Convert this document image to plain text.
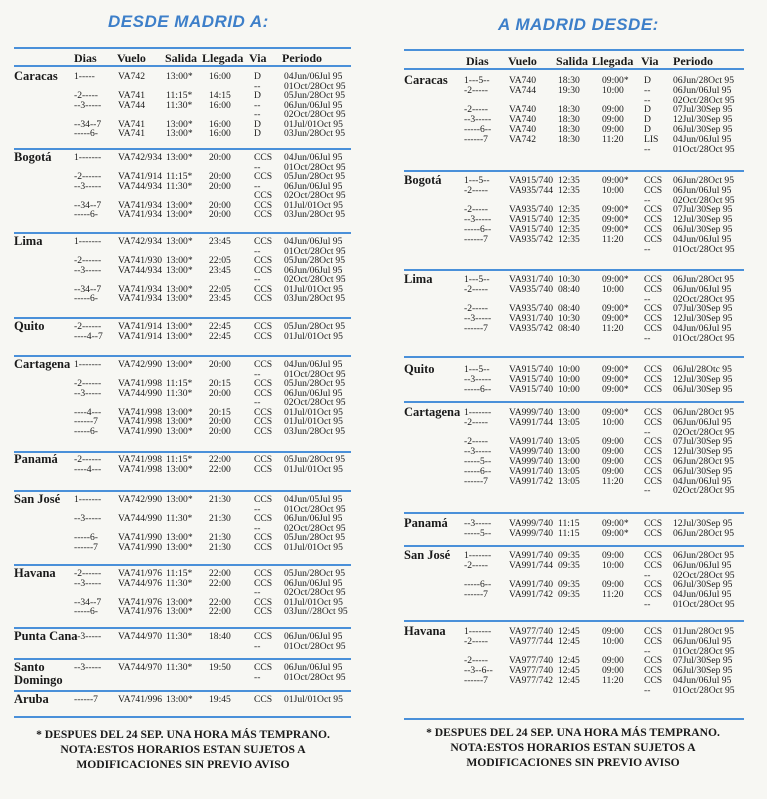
DESDE MADRID A:
Dias Vuelo Salida Llegada Via Periodo
Caracas 1----- VA742 13:00* 16:00 D 04Jun/06Jul 95
-- 01Oct/28Oct 95
-2----- VA741 11:15* 14:15 D 05Jun/28Oct 95
--3----- VA744 11:30* 16:00 -- 06Jun/06Jul 95
-- 02Oct/28Oct 95
--34--7 VA741 13:00* 16:00 D 01Jul/01Oct 95
-----6- VA741 13:00* 16:00 D 03Jun/28Oct 95
Bogotá 1------- VA742/934 13:00* 20:00 CCS 04Jun/06Jul 95
-- 01Oct/28Oct 95
-2------ VA741/914 11:15* 20:00 CCS 05Jun/28Oct 95
--3----- VA744/934 11:30* 20:00 -- 06Jun/06Jul 95
CCS 02Oct/28Oct 95
--34--7 VA741/934 13:00* 20:00 CCS 01Jul/01Oct 95
-----6- VA741/934 13:00* 20:00 CCS 03Jun/28Oct 95
Lima	1------- VA742/934 13:00* 23:45 CCS 04Jun/06Jul 95
-- 01Oct/28Oct 95
-2------ VA741/930 13:00* 22:05 CCS 05Jun/28Oct 95
--3----- VA744/934 13:00* 23:45 CCS 06Jun/06Jul 95
-- 02Oct/28Oct 95
--34--7 VA741/934 13:00* 22:05 CCS 01Jul/01Oct 95
-----6- VA741/934 13:00* 23:45 CCS 03Jun/28Oct 95
Quito	-2------ VA741/914 13:00* 22:45 CCS 05Jun/28Oct 95
----4--7 VA741/914 13:00* 22:45 CCS 01Jul/01Oct 95
Cartagena 1------- VA742/990 13:00* 20:00 CCS 04Jun/06Jul 95
-- 01Oct/28Oct 95
-2------ VA741/998 11:15* 20:15 CCS 05Jun/28Oct 95
--3----- VA744/990 11:30* 20:00 CCS 06Jun/06Jul 95
-- 02Oct/28Oct 95
----4--- VA741/998 13:00* 20:15 CCS 01Jul/01Oct 95
------7 VA741/998 13:00* 20:00 CCS 01Jul/01Oct 95
-----6- VA741/990 13:00* 20:00 CCS 03Jun/28Oct 95
Panamá -2------ VA741/998 11:15* 22:00 CCS 05Jun/28Oct 95
----4--- VA741/998 13:00* 22:00 CCS 01Jul/01Oct 95
San José 1------- VA742/990 13:00* 21:30 CCS 04Jun/05Jul 95
-- 01Oct/28Oct 95
--3----- VA744/990 11:30* 21:30 CCS 06Jun/06Jul 95
-- 02Oct/28Oct 95
-----6- VA741/990 13:00* 21:30 CCS 05Jun/28Oct 95
------7 VA741/990 13:00* 21:30 CCS 01Jul/01Oct 95
Havana -2------ VA741/976 11:15* 22:00 CCS 05Jun/28Oct 95
--3----- VA744/976 11:30* 22:00 CCS 06Jun/06Jul 95
-- 02Oct/28Oct 95
--34--7 VA741/976 13:00* 22:00 CCS 01Jul/01Oct 95
-----6- VA741/976 13:00* 22:00 CCS 03Jun//28Oct 95
Punta Cana
--3----- VA744/970 11:30* 18:40 CCS 06Jun/06Jul 95
-- 01Oct/28Oct 95
Santo
Domingo
--3----- VA744/970 11:30* 19:50 CCS 06Jun/06Jul 95
-- 01Oct/28Oct 95
Aruba	------7 VA741/996 13:00* 19:45 CCS 01Jul/01Oct 95
* DESPUES DEL 24 SEP. UNA HORA MÁS TEMPRANO.
NOTA:ESTOS HORARIOS ESTAN SUJETOS A
MODIFICACIONES SIN PREVIO AVISO
A MADRID DESDE:
Dias Vuelo Salida Llegada Via Periodo
Caracas 1---5-- VA740 18:30 09:00* D 06Jun/28Oct 95
-2----- VA744 19:30 10:00 -- 06Jun/06Jul 95
-- 02Oct/28Oct 95
-2----- VA740 18:30 09:00 D 07Jul/30Sep 95
--3----- VA740 18:30 09:00 D 12Jul/30Sep 95
-----6-- VA740 18:30 09:00 D 06Jul/30Sep 95
------7 VA742 18:30 11:20 LIS 04Jun/06Jul 95
-- 01Oct/28Oct 95
Bogotá 1---5-- VA915/740 12:35 09:00* CCS 06Jun/28Oct 95
-2----- VA935/744 12:35 10:00 CCS 06Jun/06Jul 95
-- 02Oct/28Oct 95
-2----- VA935/740 12:35 09:00* CCS 07Jul/30Sep 95
--3----- VA915/740 12:35 09:00* CCS 12Jul/30Sep 95
-----6-- VA915/740 12:35 09:00* CCS 06Jul/30Sep 95
------7 VA935/742 12:35 11:20 CCS 04Jun/06Jul 95
-- 01Oct/28Oct 95
Lima	1---5-- VA931/740 10:30 09:00* CCS 06Jun/28Oct 95
-2----- VA935/740 08:40 10:00 CCS 06Jun/06Jul 95
-- 02Oct/28Oct 95
-2----- VA935/740 08:40 09:00* CCS 07Jul/30Sep 95
--3----- VA931/740 10:30 09:00* CCS 12Jul/30Sep 95
------7 VA935/742 08:40 11:20 CCS 04Jun/06Jul 95
-- 01Oct/28Oct 95
Quito	1---5-- VA915/740 10:00 09:00* CCS 06Jul/28Otc 95
--3----- VA915/740 10:00 09:00* CCS 12Jul/30Sep 95
-----6-- VA915/740 10:00 09:00* CCS 06Jul/30Sep 95
Cartagena 1------- VA999/740 13:00 09:00* CCS 06Jun/28Oct 95
-2----- VA991/744 13:05 10:00 CCS 06Jun/06Jul 95
-- 02Oct/28Oct 95
-2----- VA991/740 13:05 09:00 CCS 07Jul/30Sep 95
--3----- VA999/740 13:00 09:00 CCS 12Jul/30Sep 95
-----5-- VA999/740 13:00 09:00 CCS 06Jun/28Oct 95
-----6-- VA991/740 13:05 09:00 CCS 06Jul/30Sep 95
------7 VA991/742 13:05 11:20 CCS 04Jun/06Jul 95
-- 02Oct/28Oct 95
Panamá --3----- VA999/740 11:15 09:00* CCS 12Jul/30Sep 95
-----5-- VA999/740 11:15 09:00* CCS 06Jun/28Oct 95
San José 1------- VA991/740 09:35 09:00 CCS 06Jun/28Oct 95
-2----- VA991/744 09:35 10:00 CCS 06Jun/06Jul 95
-- 02Oct/28Oct 95
-----6-- VA991/740 09:35 09:00 CCS 06Jul/30Sep 95
------7 VA991/742 09:35 11:20 CCS 04Jun/06Jul 95
-- 01Oct/28Oct 95
Havana 1------- VA977/740 12:45 09:00 CCS 01Jun/28Oct 95
-2----- VA977/744 12:45 10:00 CCS 06Jun/06Jul 95
-- 01Oct/28Oct 95
-2----- VA977/740 12:45 09:00 CCS 07Jul/30Sep 95
--3--6-- VA977/740 12:45 09:00 CCS 06Jul/30Sep 95
------7 VA977/742 12:45 11:20 CCS 04Jun/06Jul 95
-- 01Oct/28Oct 95
* DESPUES DEL 24 SEP. UNA HORA MÁS TEMPRANO.
NOTA:ESTOS HORARIOS ESTAN SUJETOS A
MODIFICACIONES SIN PREVIO AVISO
